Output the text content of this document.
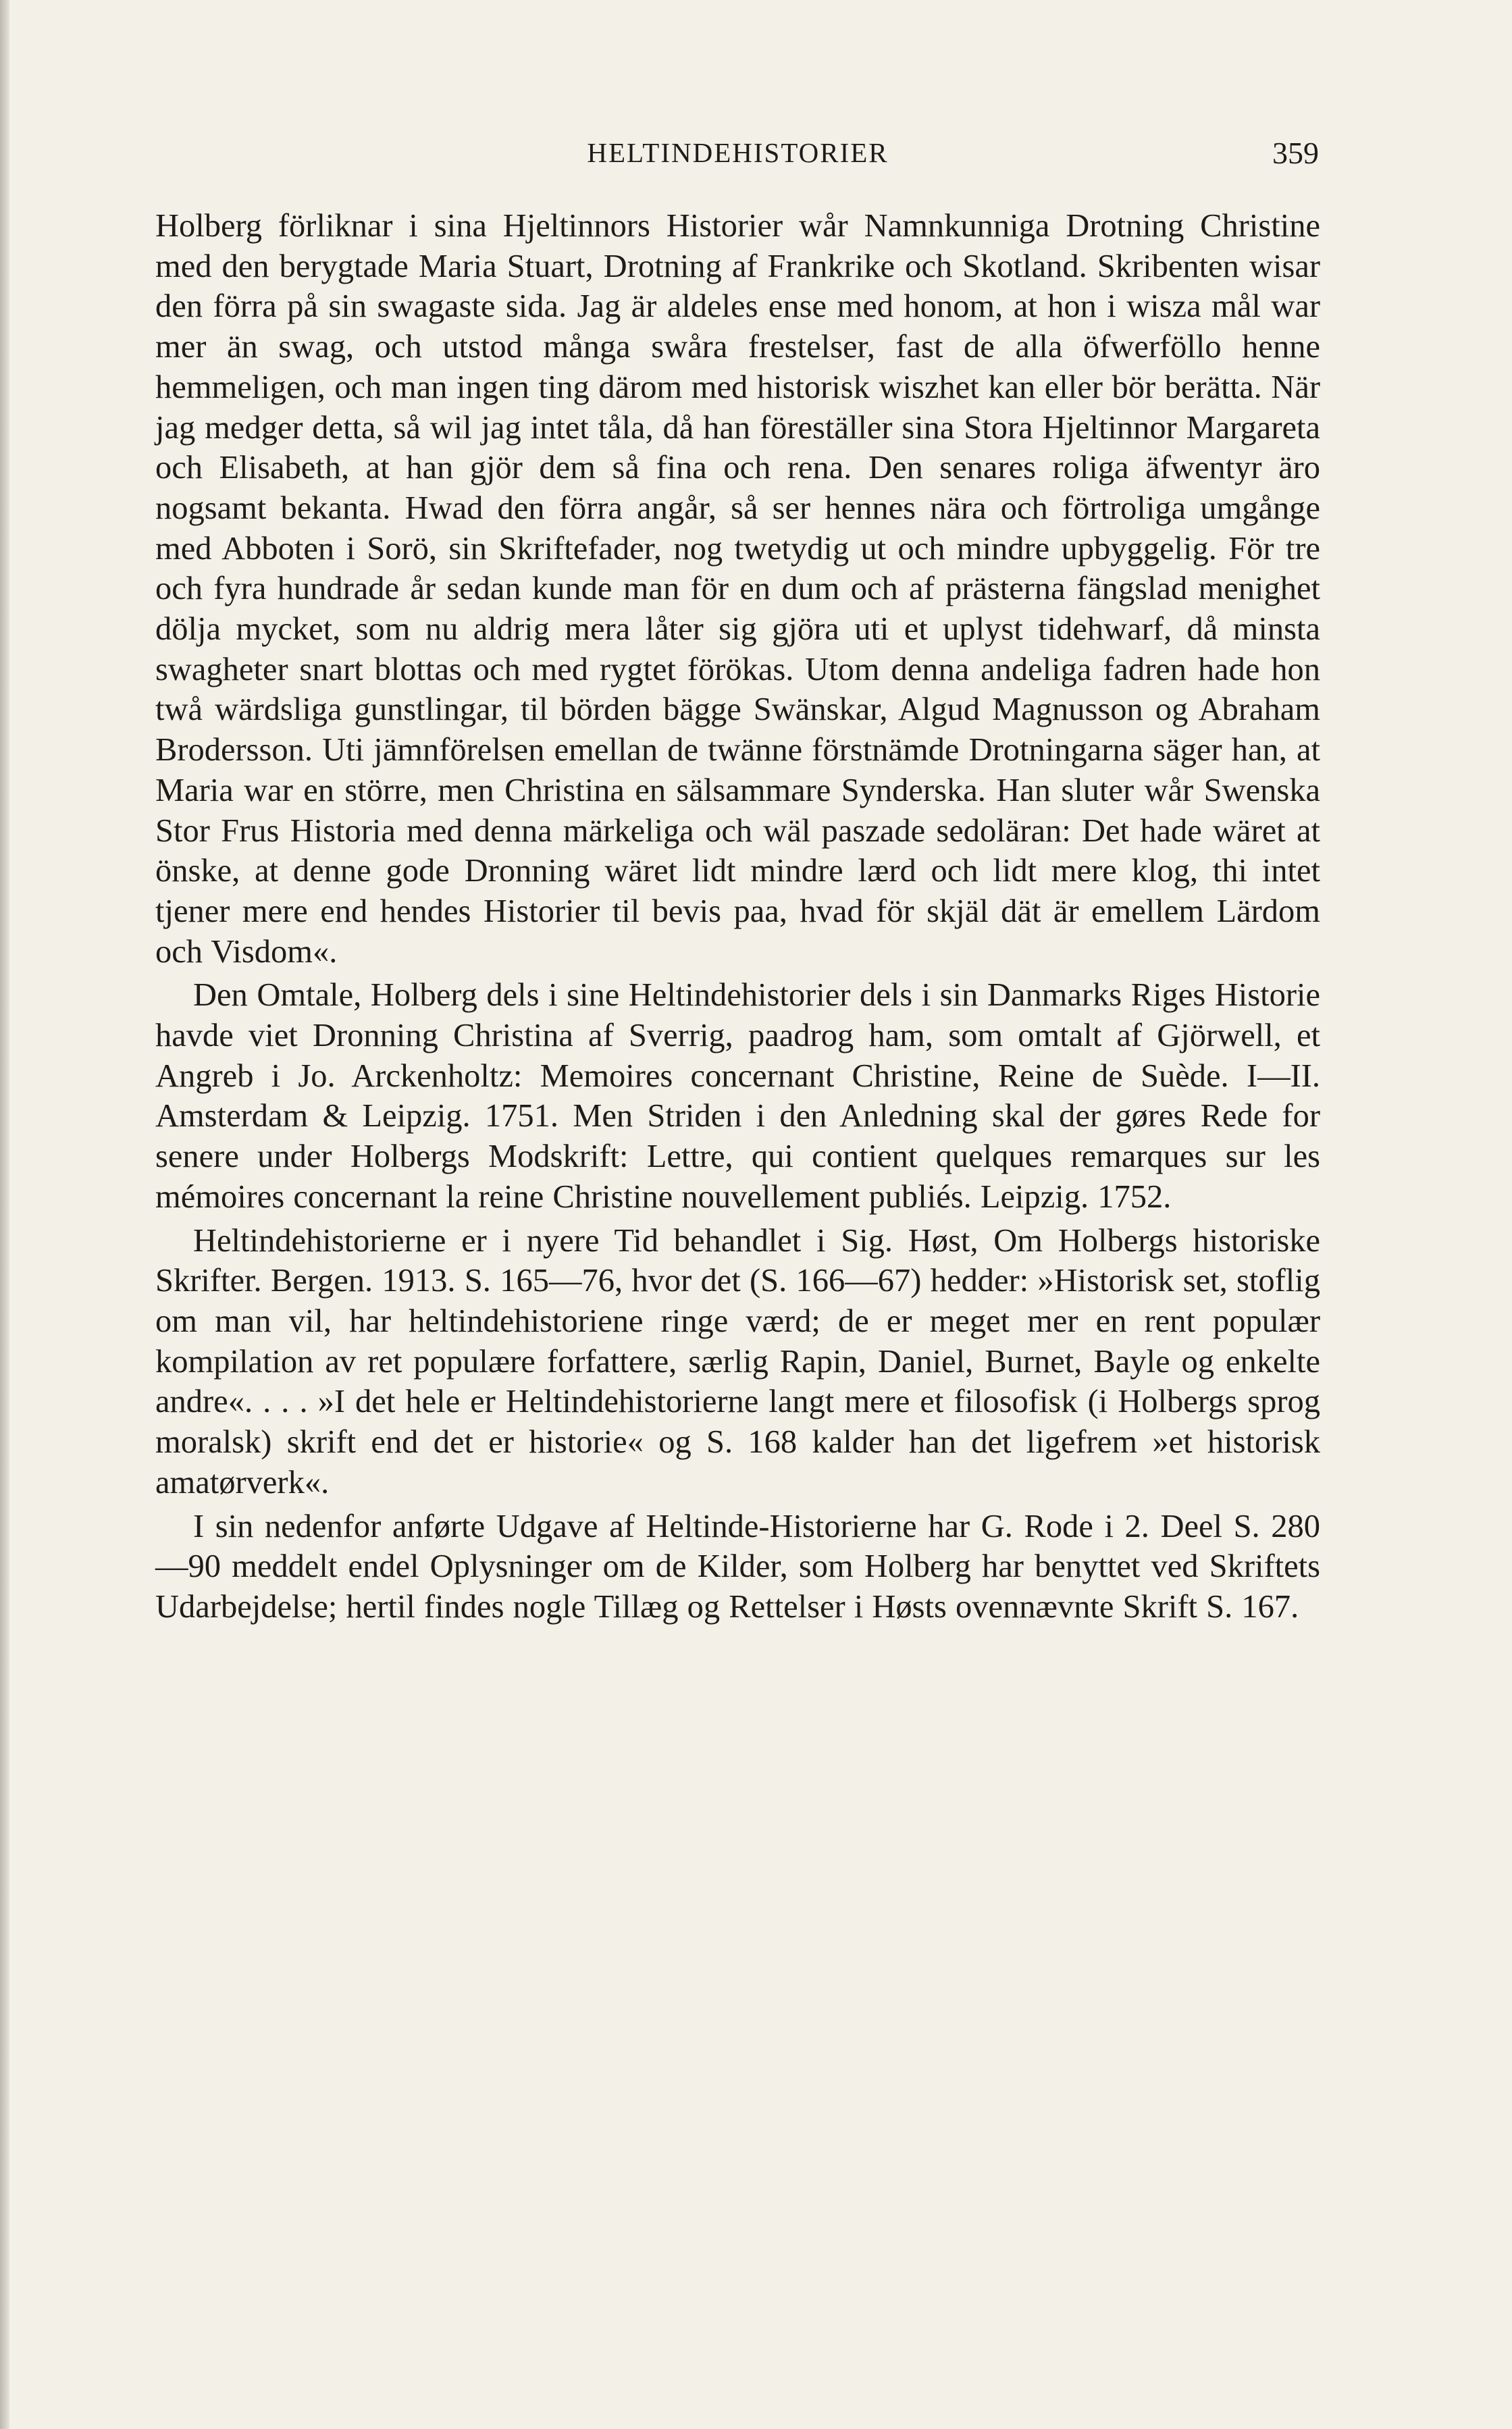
HELTINDEHISTORIER	359

Holberg förliknar i sina Hjeltinnors Historier wår Namnkunniga Drotning Christine med den berygtade Maria Stuart, Drotning af Frankrike och Skotland. Skribenten wisar den förra på sin swagaste sida. Jag är aldeles ense med honom, at hon i wisza mål war mer än swag, och utstod många swåra frestelser, fast de alla öfwerföllo henne hemmeligen, och man ingen ting därom med historisk wiszhet kan eller bör berätta. När jag medger detta, så wil jag intet tåla, då han föreställer sina Stora Hjeltinnor Margareta och Elisabeth, at han gjör dem så fina och rena. Den senares roliga äfwentyr äro nogsamt bekanta. Hwad den förra angår, så ser hennes nära och förtroliga umgånge med Abboten i Sorö, sin Skriftefader, nog twetydig ut och mindre upbyggelig. För tre och fyra hundrade år sedan kunde man för en dum och af prästerna fängslad menighet dölja mycket, som nu aldrig mera låter sig gjöra uti et uplyst tidehwarf, då minsta swagheter snart blottas och med rygtet förökas. Utom denna andeliga fadren hade hon twå wärdsliga gunstlingar, til börden bägge Swänskar, Algud Magnusson og Abraham Brodersson. Uti jämnförelsen emellan de twänne förstnämde Drotningarna säger han, at Maria war en större, men Christina en sälsammare Synderska. Han sluter wår Swenska Stor Frus Historia med denna märkeliga och wäl paszade sedoläran: Det hade wäret at önske, at denne gode Dronning wäret lidt mindre lærd och lidt mere klog, thi intet tjener mere end hendes Historier til bevis paa, hvad för skjäl dät är emellem Lärdom och Visdom«.

Den Omtale, Holberg dels i sine Heltindehistorier dels i sin Danmarks Riges Historie havde viet Dronning Christina af Sverrig, paadrog ham, som omtalt af Gjörwell, et Angreb i Jo. Arckenholtz: Memoires concernant Christine, Reine de Suède. I—II. Amsterdam & Leipzig. 1751. Men Striden i den Anledning skal der gøres Rede for senere under Holbergs Modskrift: Lettre, qui contient quelques remarques sur les mémoires concernant la reine Christine nouvellement publiés. Leipzig. 1752.

Heltindehistorierne er i nyere Tid behandlet i Sig. Høst, Om Holbergs historiske Skrifter. Bergen. 1913. S. 165—76, hvor det (S. 166—67) hedder: »Historisk set, stoflig om man vil, har heltindehistoriene ringe værd; de er meget mer en rent populær kompilation av ret populære forfattere, særlig Rapin, Daniel, Burnet, Bayle og enkelte andre«. . . . »I det hele er Heltindehistorierne langt mere et filosofisk (i Holbergs sprog moralsk) skrift end det er historie« og S. 168 kalder han det ligefrem »et historisk amatørverk«.

I sin nedenfor anførte Udgave af Heltinde-Historierne har G. Rode i 2. Deel S. 280—90 meddelt endel Oplysninger om de Kilder, som Holberg har benyttet ved Skriftets Udarbejdelse; hertil findes nogle Tillæg og Rettelser i Høsts ovennævnte Skrift S. 167.
